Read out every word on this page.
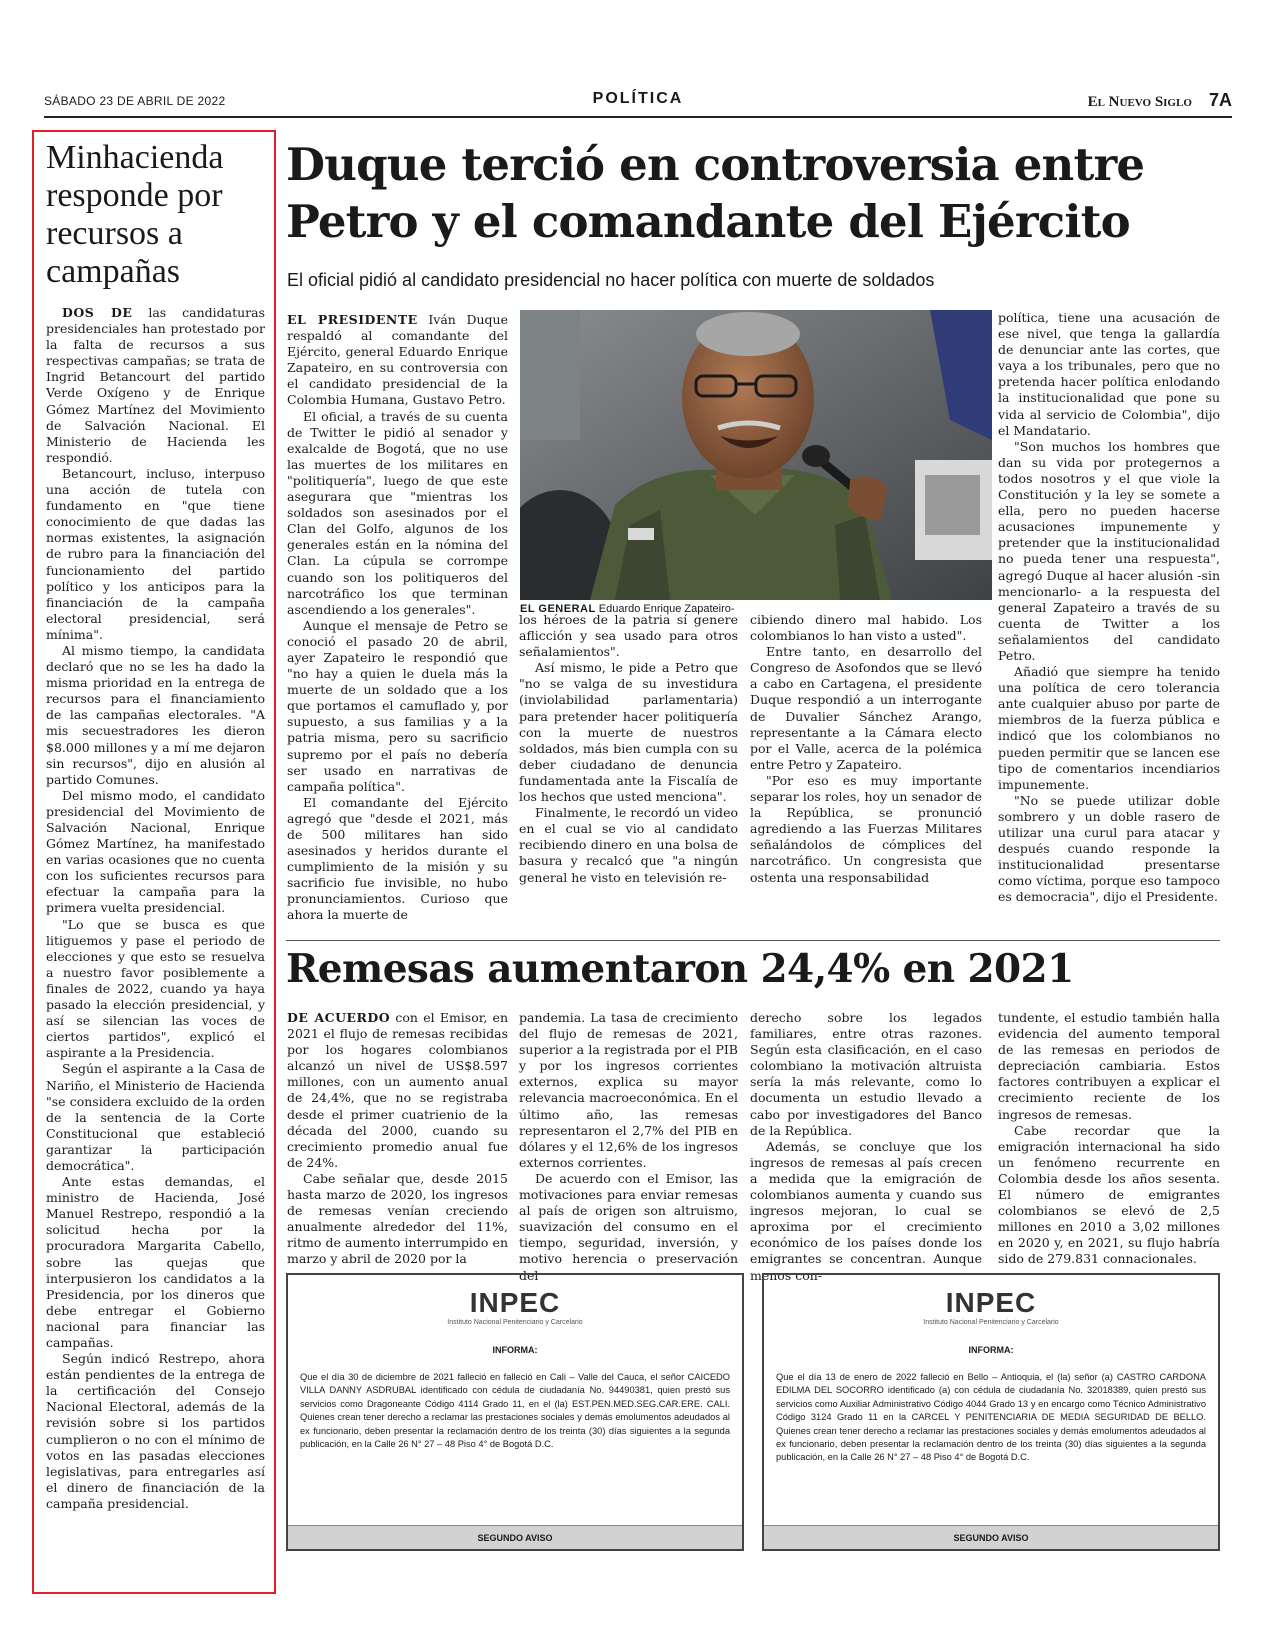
SÁBADO 23 DE ABRIL DE 2022	POLÍTICA	El Nuevo Siglo 7A
Minhacienda responde por recursos a campañas

DOS DE las candidaturas presidenciales han protestado por la falta de recursos a sus respectivas campañas; se trata de Ingrid Betancourt del partido Verde Oxígeno y de Enrique Gómez Martínez del Movimiento de Salvación Nacional. El Ministerio de Hacienda les respondió.

Betancourt, incluso, interpuso una acción de tutela con fundamento en "que tiene conocimiento de que dadas las normas existentes, la asignación de rubro para la financiación del funcionamiento del partido político y los anticipos para la financiación de la campaña electoral presidencial, será mínima".

Al mismo tiempo, la candidata declaró que no se les ha dado la misma prioridad en la entrega de recursos para el financiamiento de las campañas electorales. "A mis secuestradores les dieron $8.000 millones y a mí me dejaron sin recursos", dijo en alusión al partido Comunes.

Del mismo modo, el candidato presidencial del Movimiento de Salvación Nacional, Enrique Gómez Martínez, ha manifestado en varias ocasiones que no cuenta con los suficientes recursos para efectuar la campaña para la primera vuelta presidencial.

"Lo que se busca es que litiguemos y pase el periodo de elecciones y que esto se resuelva a nuestro favor posiblemente a finales de 2022, cuando ya haya pasado la elección presidencial, y así se silencian las voces de ciertos partidos", explicó el aspirante a la Presidencia.

Según el aspirante a la Casa de Nariño, el Ministerio de Hacienda "se considera excluido de la orden de la sentencia de la Corte Constitucional que estableció garantizar la participación democrática".

Ante estas demandas, el ministro de Hacienda, José Manuel Restrepo, respondió a la solicitud hecha por la procuradora Margarita Cabello, sobre las quejas que interpusieron los candidatos a la Presidencia, por los dineros que debe entregar el Gobierno nacional para financiar las campañas.

Según indicó Restrepo, ahora están pendientes de la entrega de la certificación del Consejo Nacional Electoral, además de la revisión sobre si los partidos cumplieron o no con el mínimo de votos en las pasadas elecciones legislativas, para entregarles así el dinero de financiación de la campaña presidencial.

Duque terció en controversia entre Petro y el comandante del Ejército
El oficial pidió al candidato presidencial no hacer política con muerte de soldados

EL PRESIDENTE Iván Duque respaldó al comandante del Ejército, general Eduardo Enrique Zapateiro, en su controversia con el candidato presidencial de la Colombia Humana, Gustavo Petro.

El oficial, a través de su cuenta de Twitter le pidió al senador y exalcalde de Bogotá, que no use las muertes de los militares en "politiquería", luego de que este asegurara que "mientras los soldados son asesinados por el Clan del Golfo, algunos de los generales están en la nómina del Clan. La cúpula se corrompe cuando son los politiqueros del narcotráfico los que terminan ascendiendo a los generales".

Aunque el mensaje de Petro se conoció el pasado 20 de abril, ayer Zapateiro le respondió que "no hay a quien le duela más la muerte de un soldado que a los que portamos el camuflado y, por supuesto, a sus familias y a la patria misma, pero su sacrificio supremo por el país no debería ser usado en narrativas de campaña política".

El comandante del Ejército agregó que "desde el 2021, más de 500 militares han sido asesinados y heridos durante el cumplimiento de la misión y su sacrificio fue invisible, no hubo pronunciamientos. Curioso que ahora la muerte de

EL GENERAL Eduardo Enrique Zapateiro-

los héroes de la patria sí genere aflicción y sea usado para otros señalamientos".

Así mismo, le pide a Petro que "no se valga de su investidura (inviolabilidad parlamentaria) para pretender hacer politiquería con la muerte de nuestros soldados, más bien cumpla con su deber ciudadano de denuncia fundamentada ante la Fiscalía de los hechos que usted menciona".

Finalmente, le recordó un video en el cual se vio al candidato recibiendo dinero en una bolsa de basura y recalcó que "a ningún general he visto en televisión re-

cibiendo dinero mal habido. Los colombianos lo han visto a usted".

Entre tanto, en desarrollo del Congreso de Asofondos que se llevó a cabo en Cartagena, el presidente Duque respondió a un interrogante de Duvalier Sánchez Arango, representante a la Cámara electo por el Valle, acerca de la polémica entre Petro y Zapateiro.

"Por eso es muy importante separar los roles, hoy un senador de la República, se pronunció agrediendo a las Fuerzas Militares señalándolos de cómplices del narcotráfico. Un congresista que ostenta una responsabilidad

política, tiene una acusación de ese nivel, que tenga la gallardía de denunciar ante las cortes, que vaya a los tribunales, pero que no pretenda hacer política enlodando la institucionalidad que pone su vida al servicio de Colombia", dijo el Mandatario.

"Son muchos los hombres que dan su vida por protegernos a todos nosotros y el que viole la Constitución y la ley se somete a ella, pero no pueden hacerse acusaciones impunemente y pretender que la institucionalidad no pueda tener una respuesta", agregó Duque al hacer alusión -sin mencionarlo- a la respuesta del general Zapateiro a través de su cuenta de Twitter a los señalamientos del candidato Petro.

Añadió que siempre ha tenido una política de cero tolerancia ante cualquier abuso por parte de miembros de la fuerza pública e indicó que los colombianos no pueden permitir que se lancen ese tipo de comentarios incendiarios impunemente.

"No se puede utilizar doble sombrero y un doble rasero de utilizar una curul para atacar y después cuando responde la institucionalidad presentarse como víctima, porque eso tampoco es democracia", dijo el Presidente.

Remesas aumentaron 24,4% en 2021

DE ACUERDO con el Emisor, en 2021 el flujo de remesas recibidas por los hogares colombianos alcanzó un nivel de US$8.597 millones, con un aumento anual de 24,4%, que no se registraba desde el primer cuatrienio de la década del 2000, cuando su crecimiento promedio anual fue de 24%.

Cabe señalar que, desde 2015 hasta marzo de 2020, los ingresos de remesas venían creciendo anualmente alrededor del 11%, ritmo de aumento interrumpido en marzo y abril de 2020 por la

pandemia. La tasa de crecimiento del flujo de remesas de 2021, superior a la registrada por el PIB y por los ingresos corrientes externos, explica su mayor relevancia macroeconómica. En el último año, las remesas representaron el 2,7% del PIB en dólares y el 12,6% de los ingresos externos corrientes.

De acuerdo con el Emisor, las motivaciones para enviar remesas al país de origen son altruismo, suavización del consumo en el tiempo, seguridad, inversión, y motivo herencia o preservación del

derecho sobre los legados familiares, entre otras razones. Según esta clasificación, en el caso colombiano la motivación altruista sería la más relevante, como lo documenta un estudio llevado a cabo por investigadores del Banco de la República.

Además, se concluye que los ingresos de remesas al país crecen a medida que la emigración de colombianos aumenta y cuando sus ingresos mejoran, lo cual se aproxima por el crecimiento económico de los países donde los emigrantes se concentran. Aunque menos con-

tundente, el estudio también halla evidencia del aumento temporal de las remesas en periodos de depreciación cambiaria. Estos factores contribuyen a explicar el crecimiento reciente de los ingresos de remesas.

Cabe recordar que la emigración internacional ha sido un fenómeno recurrente en Colombia desde los años sesenta. El número de emigrantes colombianos se elevó de 2,5 millones en 2010 a 3,02 millones en 2020 y, en 2021, su flujo habría sido de 279.831 connacionales.

INPEC
Instituto Nacional Penitenciario y Carcelario
INFORMA:
Que el día 30 de diciembre de 2021 falleció en falleció en Cali – Valle del Cauca, el señor CAICEDO VILLA DANNY ASDRUBAL identificado con cédula de ciudadanía No. 94490381, quien prestó sus servicios como Dragoneante Código 4114 Grado 11, en el (la) EST.PEN.MED.SEG.CAR.ERE. CALI. Quienes crean tener derecho a reclamar las prestaciones sociales y demás emolumentos adeudados al ex funcionario, deben presentar la reclamación dentro de los treinta (30) días siguientes a la segunda publicación, en la Calle 26 N° 27 – 48 Piso 4° de Bogotá D.C.
SEGUNDO AVISO
INPEC
Instituto Nacional Penitenciario y Carcelario
INFORMA:
Que el día 13 de enero de 2022 falleció en Bello – Antioquia, el (la) señor (a) CASTRO CARDONA EDILMA DEL SOCORRO identificado (a) con cédula de ciudadanía No. 32018389, quien prestó sus servicios como Auxiliar Administrativo Código 4044 Grado 13 y en encargo como Técnico Administrativo Código 3124 Grado 11 en la CARCEL Y PENITENCIARIA DE MEDIA SEGURIDAD DE BELLO. Quienes crean tener derecho a reclamar las prestaciones sociales y demás emolumentos adeudados al ex funcionario, deben presentar la reclamación dentro de los treinta (30) días siguientes a la segunda publicación, en la Calle 26 N° 27 – 48 Piso 4° de Bogotá D.C.
SEGUNDO AVISO
